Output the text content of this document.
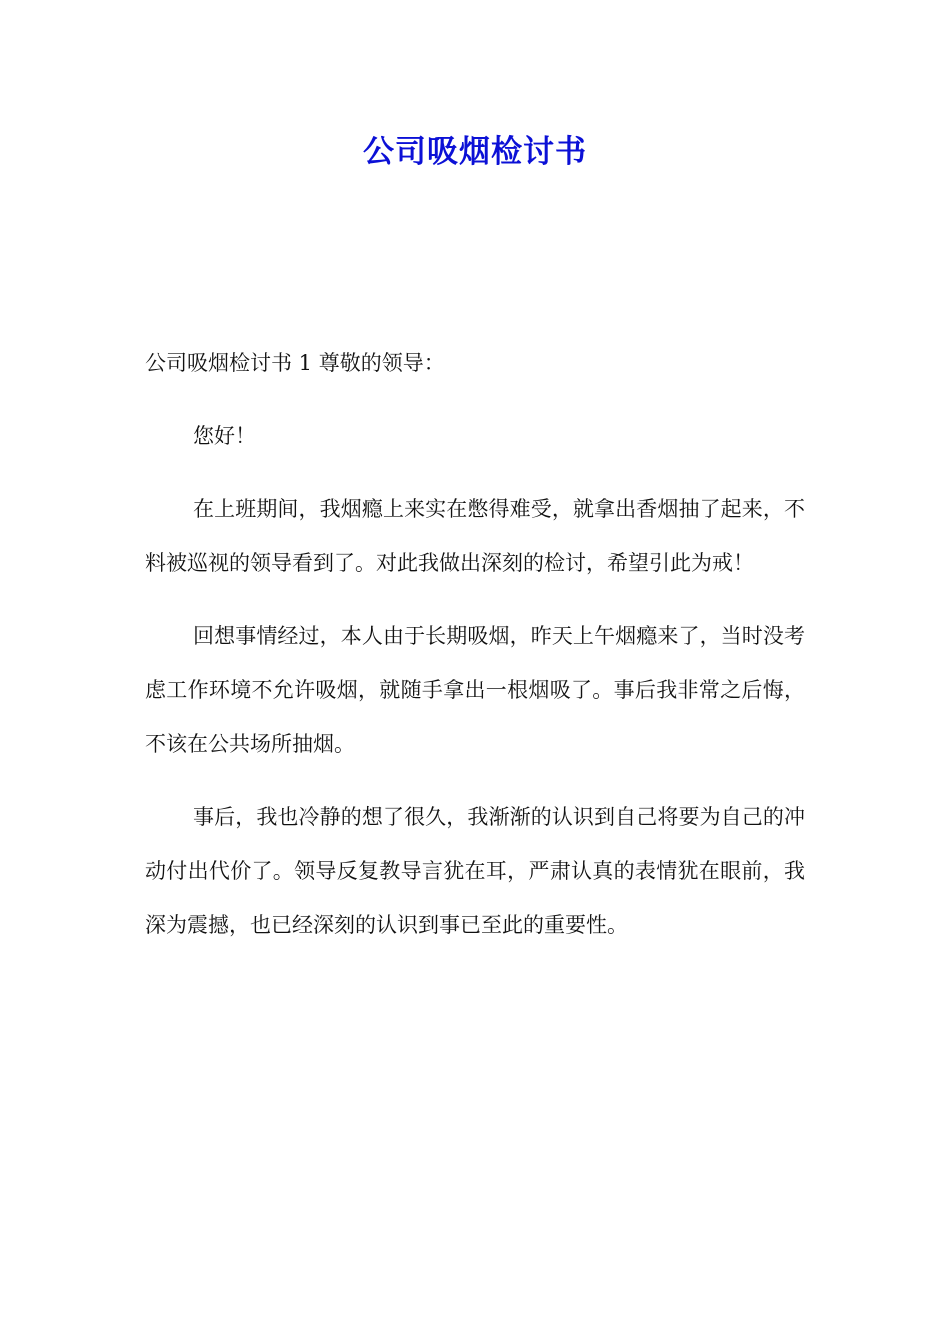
公司吸烟检讨书

公司吸烟检讨书 1 尊敬的领导：

您好！

在上班期间，我烟瘾上来实在憋得难受，就拿出香烟抽了起来，不料被巡视的领导看到了。对此我做出深刻的检讨，希望引此为戒！

回想事情经过，本人由于长期吸烟，昨天上午烟瘾来了，当时没考虑工作环境不允许吸烟，就随手拿出一根烟吸了。事后我非常之后悔，不该在公共场所抽烟。

事后，我也冷静的想了很久，我渐渐的认识到自己将要为自己的冲动付出代价了。领导反复教导言犹在耳，严肃认真的表情犹在眼前，我深为震撼，也已经深刻的认识到事已至此的重要性。
